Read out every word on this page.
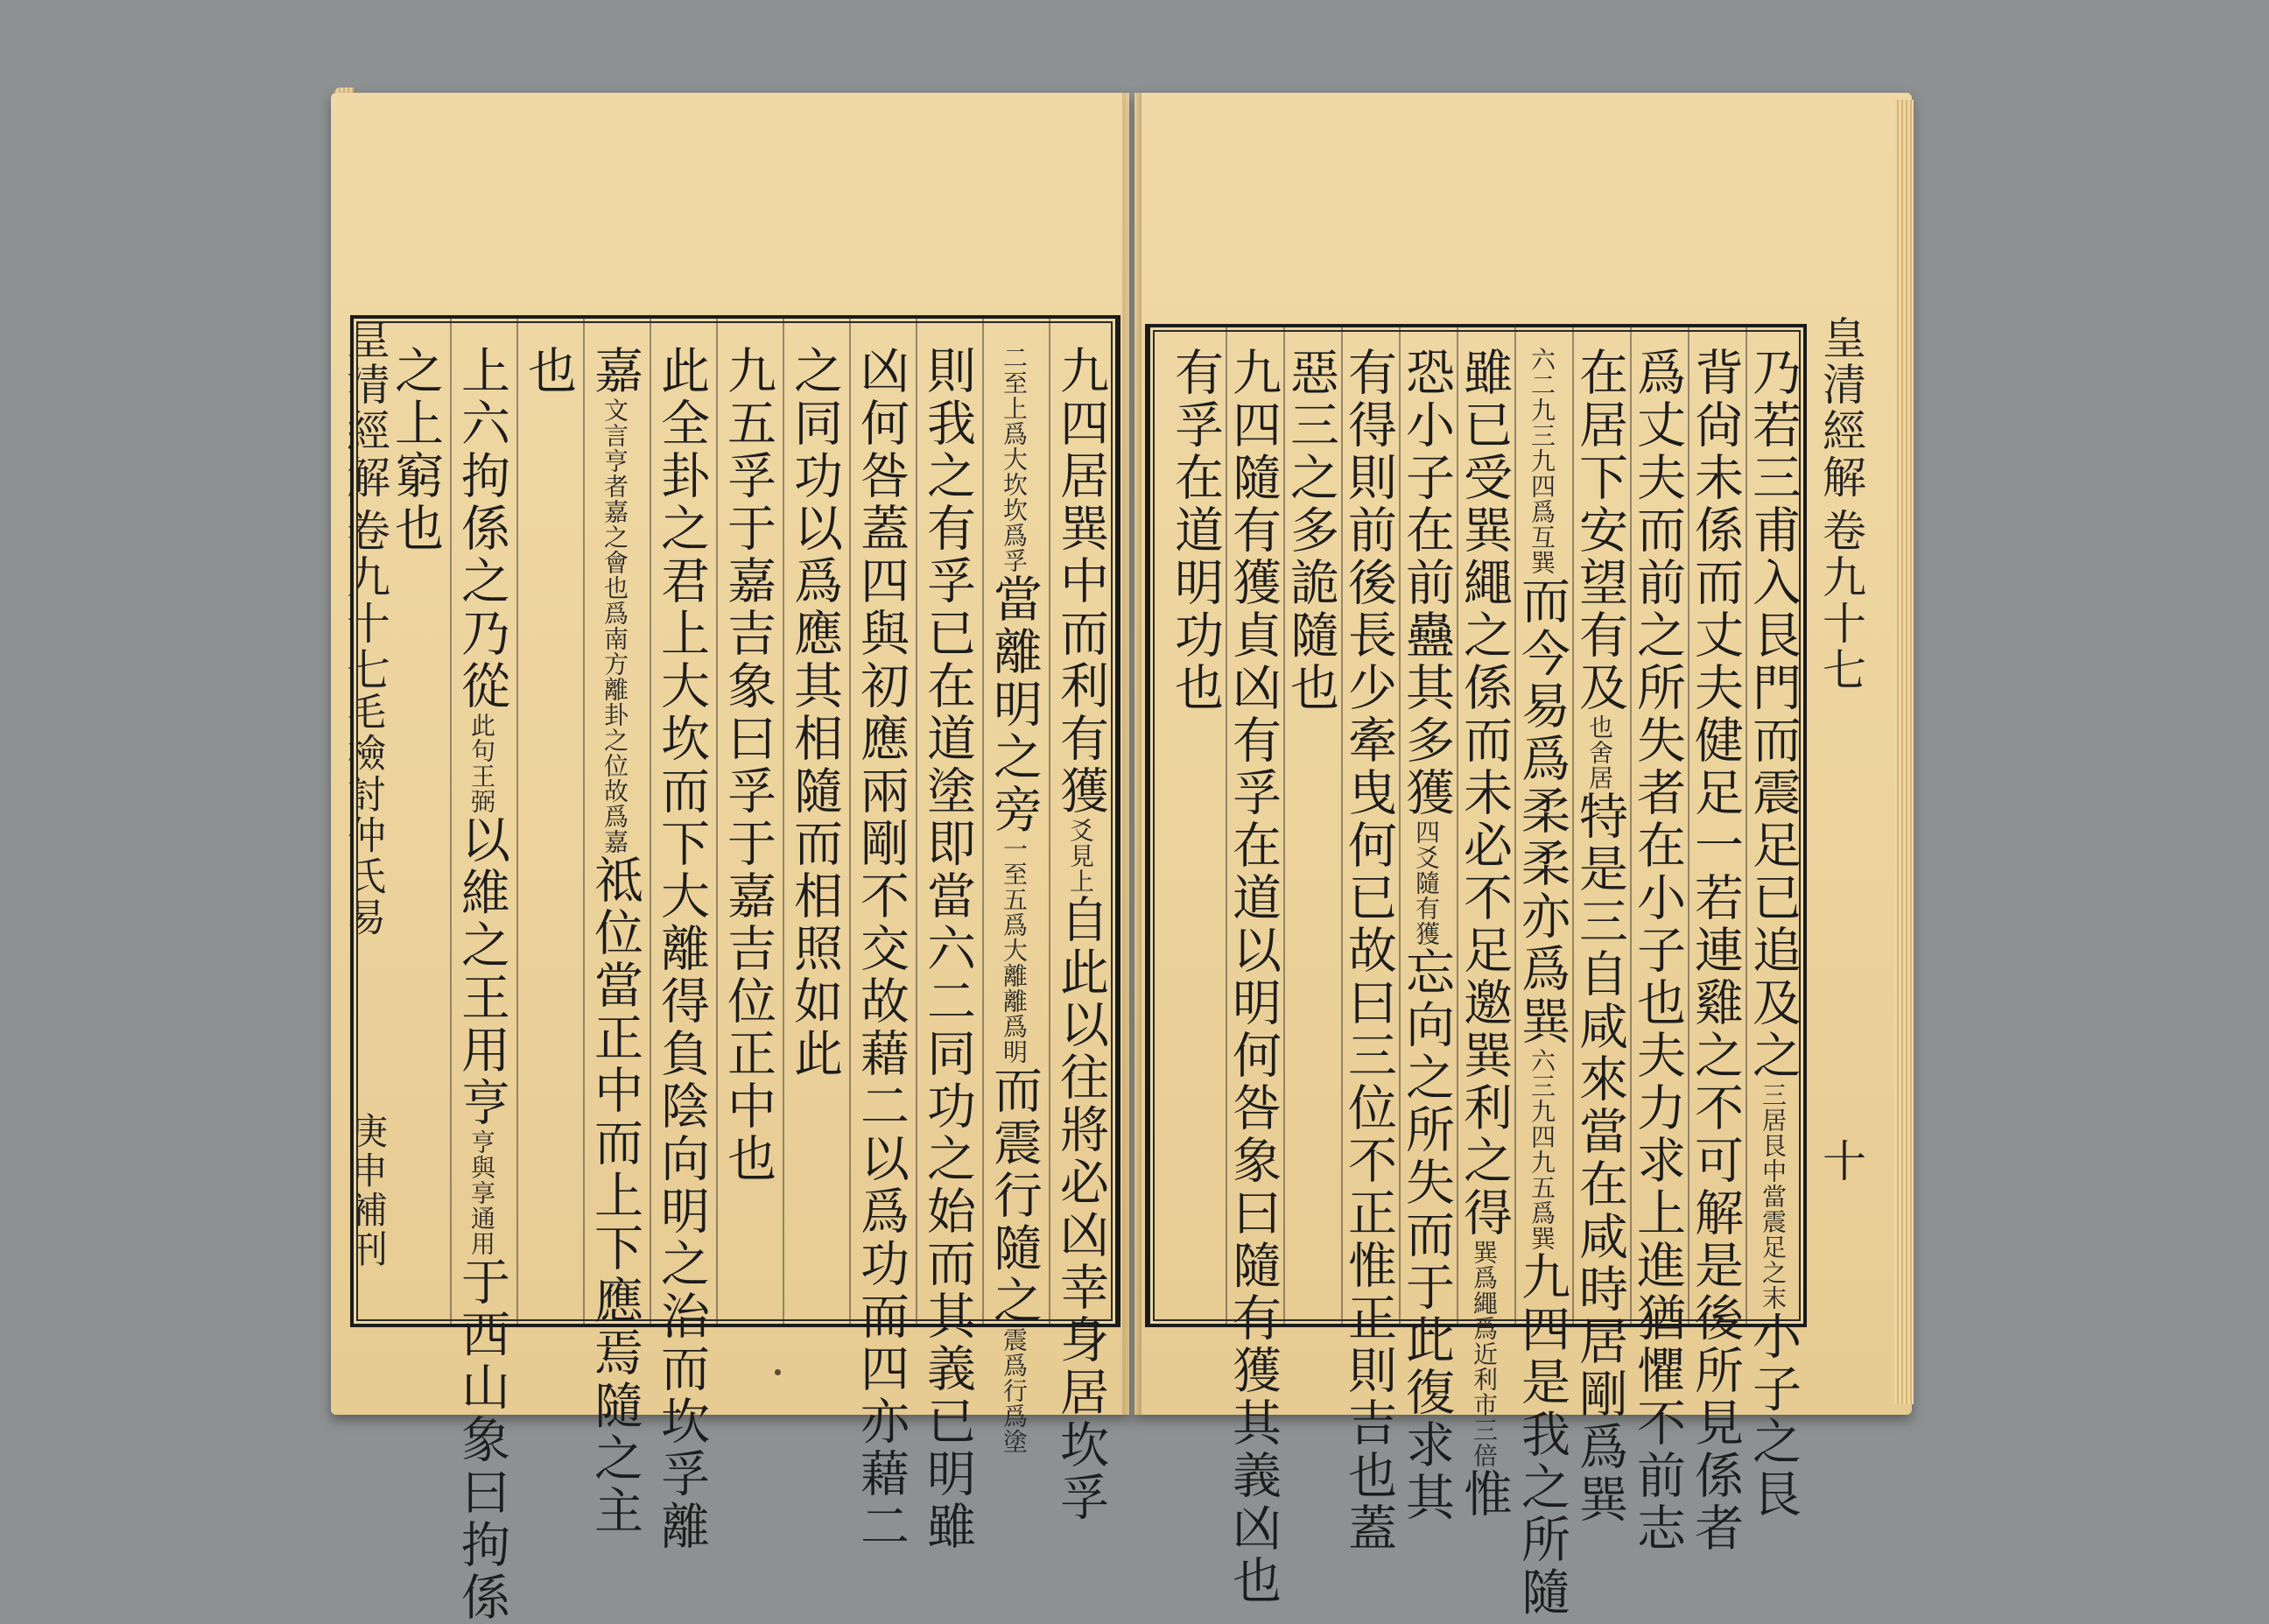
皇清經解
卷九十七
毛檢討仲氏易
庚申補刊
九四居巽中而利有獲爻見上自此以往將必凶幸身居坎孚
二至上爲大坎坎爲孚當離明之旁一至五爲大離離爲明而震行隨之震爲行爲塗
則我之有孚已在道塗即當六二同功之始而其義已明雖
凶何咎蓋四與初應兩剛不交故藉二以爲功而四亦藉二
之同功以爲應其相隨而相照如此
九五孚于嘉吉象曰孚于嘉吉位正中也
此全卦之君上大坎而下大離得負陰向明之治而坎孚離
嘉文言亨者嘉之會也爲南方離卦之位故爲嘉祗位當正中而上下應焉隨之主
也
上六拘係之乃從此句王弼以維之王用亨亨與享通用于西山象曰拘係
之上窮也	乃若三甫入艮門而震足已追及之三居艮中當震足之末小子之艮
背尙未係而丈夫健足一若連雞之不可解是後所見係者
爲丈夫而前之所失者在小子也夫力求上進猶懼不前志
在居下安望有及也舍居特是三自咸來當在咸時居剛爲巽
六二九三九四爲互巽而今易爲柔柔亦爲巽六三九四九五爲巽九四是我之所隨
雖已受巽繩之係而未必不足邀巽利之得巽爲繩爲近利市三倍惟
恐小子在前蠱其多獲四爻隨有獲忘向之所失而于此復求其
有得則前後長少牽曳何已故曰三位不正惟正則吉也蓋
惡三之多詭隨也
九四隨有獲貞凶有孚在道以明何咎象曰隨有獲其義凶也
有孚在道明功也	皇清經解
卷九十七
十
